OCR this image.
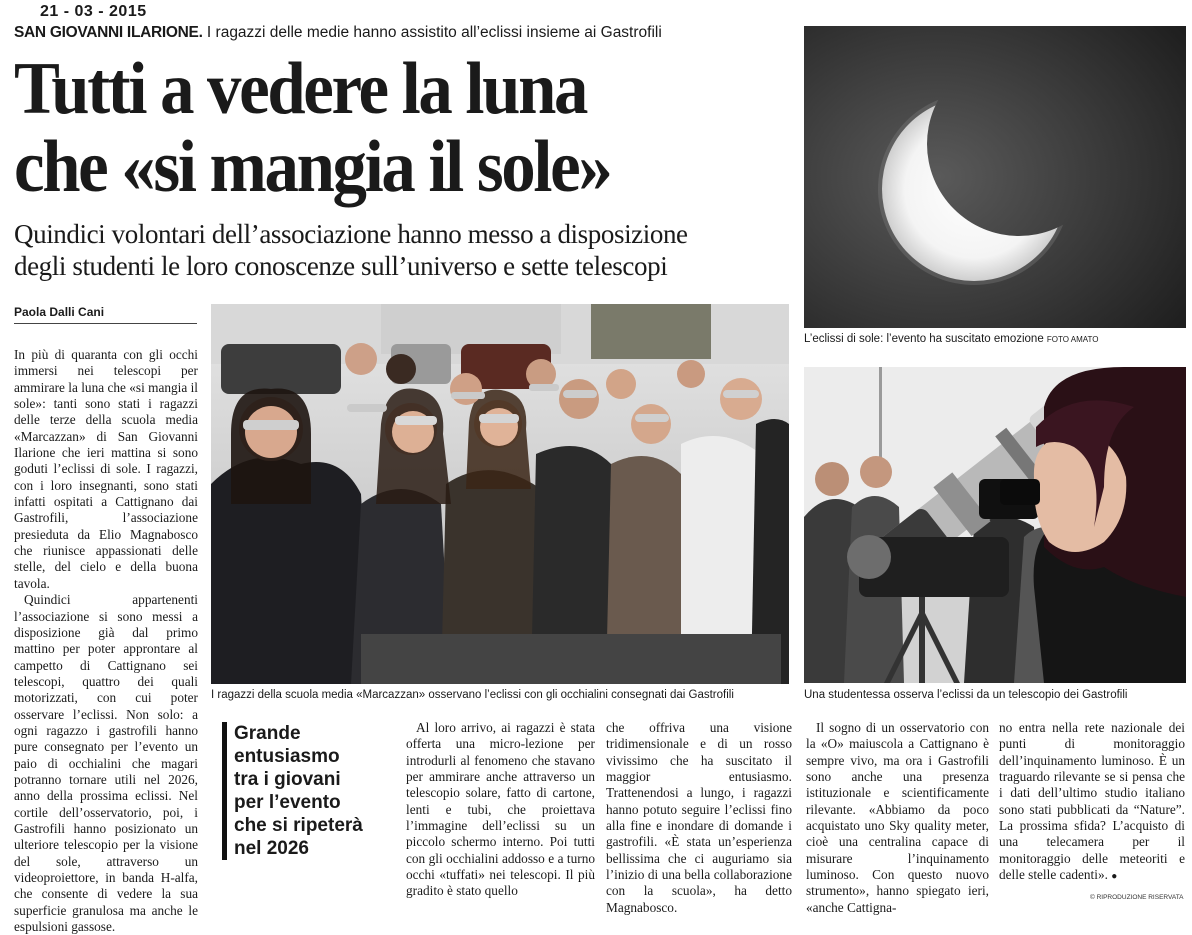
21 - 03 - 2015
SAN GIOVANNI ILARIONE. I ragazzi delle medie hanno assistito all’eclissi insieme ai Gastrofili
Tutti a vedere la luna
che «si mangia il sole»
Quindici volontari dell’associazione hanno messo a disposizione
degli studenti le loro conoscenze sull’universo e sette telescopi
Paola Dalli Cani

In più di quaranta con gli occhi immersi nei telescopi per ammirare la luna che «si mangia il sole»: tanti sono stati i ragazzi delle terze della scuola media «Marcazzan» di San Giovanni Ilarione che ieri mattina si sono goduti l’eclissi di sole. I ragazzi, con i loro insegnanti, sono stati infatti ospitati a Cattignano dai Gastrofili, l’associazione presieduta da Elio Magnabosco che riunisce appassionati delle stelle, del cielo e della buona tavola.

Quindici appartenenti l’associazione si sono messi a disposizione già dal primo mattino per poter approntare al campetto di Cattignano sei telescopi, quattro dei quali motorizzati, con cui poter osservare l’eclissi. Non solo: a ogni ragazzo i gastrofili hanno pure consegnato per l’evento un paio di occhialini che magari potranno tornare utili nel 2026, anno della prossima eclissi. Nel cortile dell’osservatorio, poi, i Gastrofili hanno posizionato un ulteriore telescopio per la visione del sole, attraverso un videoproiettore, in banda H-alfa, che consente di vedere la sua superficie granulosa ma anche le espulsioni gassose.

I ragazzi della scuola media «Marcazzan» osservano l’eclissi con gli occhialini consegnati dai Gastrofili
L’eclissi di sole: l’evento ha suscitato emozione FOTO AMATO
Una studentessa osserva l’eclissi da un telescopio dei Gastrofili
Grande
entusiasmo
tra i giovani
per l’evento
che si ripeterà
nel 2026

Al loro arrivo, ai ragazzi è stata offerta una micro-lezione per introdurli al fenomeno che stavano per ammirare anche attraverso un telescopio solare, fatto di cartone, lenti e tubi, che proiettava l’immagine dell’eclissi su un piccolo schermo interno. Poi tutti con gli occhialini addosso e a turno occhi «tuffati» nei telescopi. Il più gradito è stato quello

che offriva una visione tridimensionale e di un rosso vivissimo che ha suscitato il maggior entusiasmo. Trattenendosi a lungo, i ragazzi hanno potuto seguire l’eclissi fino alla fine e inondare di domande i gastrofili. «È stata un’esperienza bellissima che ci auguriamo sia l’inizio di una bella collaborazione con la scuola», ha detto Magnabosco.

Il sogno di un osservatorio con la «O» maiuscola a Cattignano è sempre vivo, ma ora i Gastrofili sono anche una presenza istituzionale e scientificamente rilevante. «Abbiamo da poco acquistato uno Sky quality meter, cioè una centralina capace di misurare l’inquinamento luminoso. Con questo nuovo strumento», hanno spiegato ieri, «anche Cattigna-

no entra nella rete nazionale dei punti di monitoraggio dell’inquinamento luminoso. È un traguardo rilevante se si pensa che i dati dell’ultimo studio italiano sono stati pubblicati da “Nature”. La prossima sfida? L’acquisto di una telecamera per il monitoraggio delle meteoriti e delle stelle cadenti». ●

© RIPRODUZIONE RISERVATA
